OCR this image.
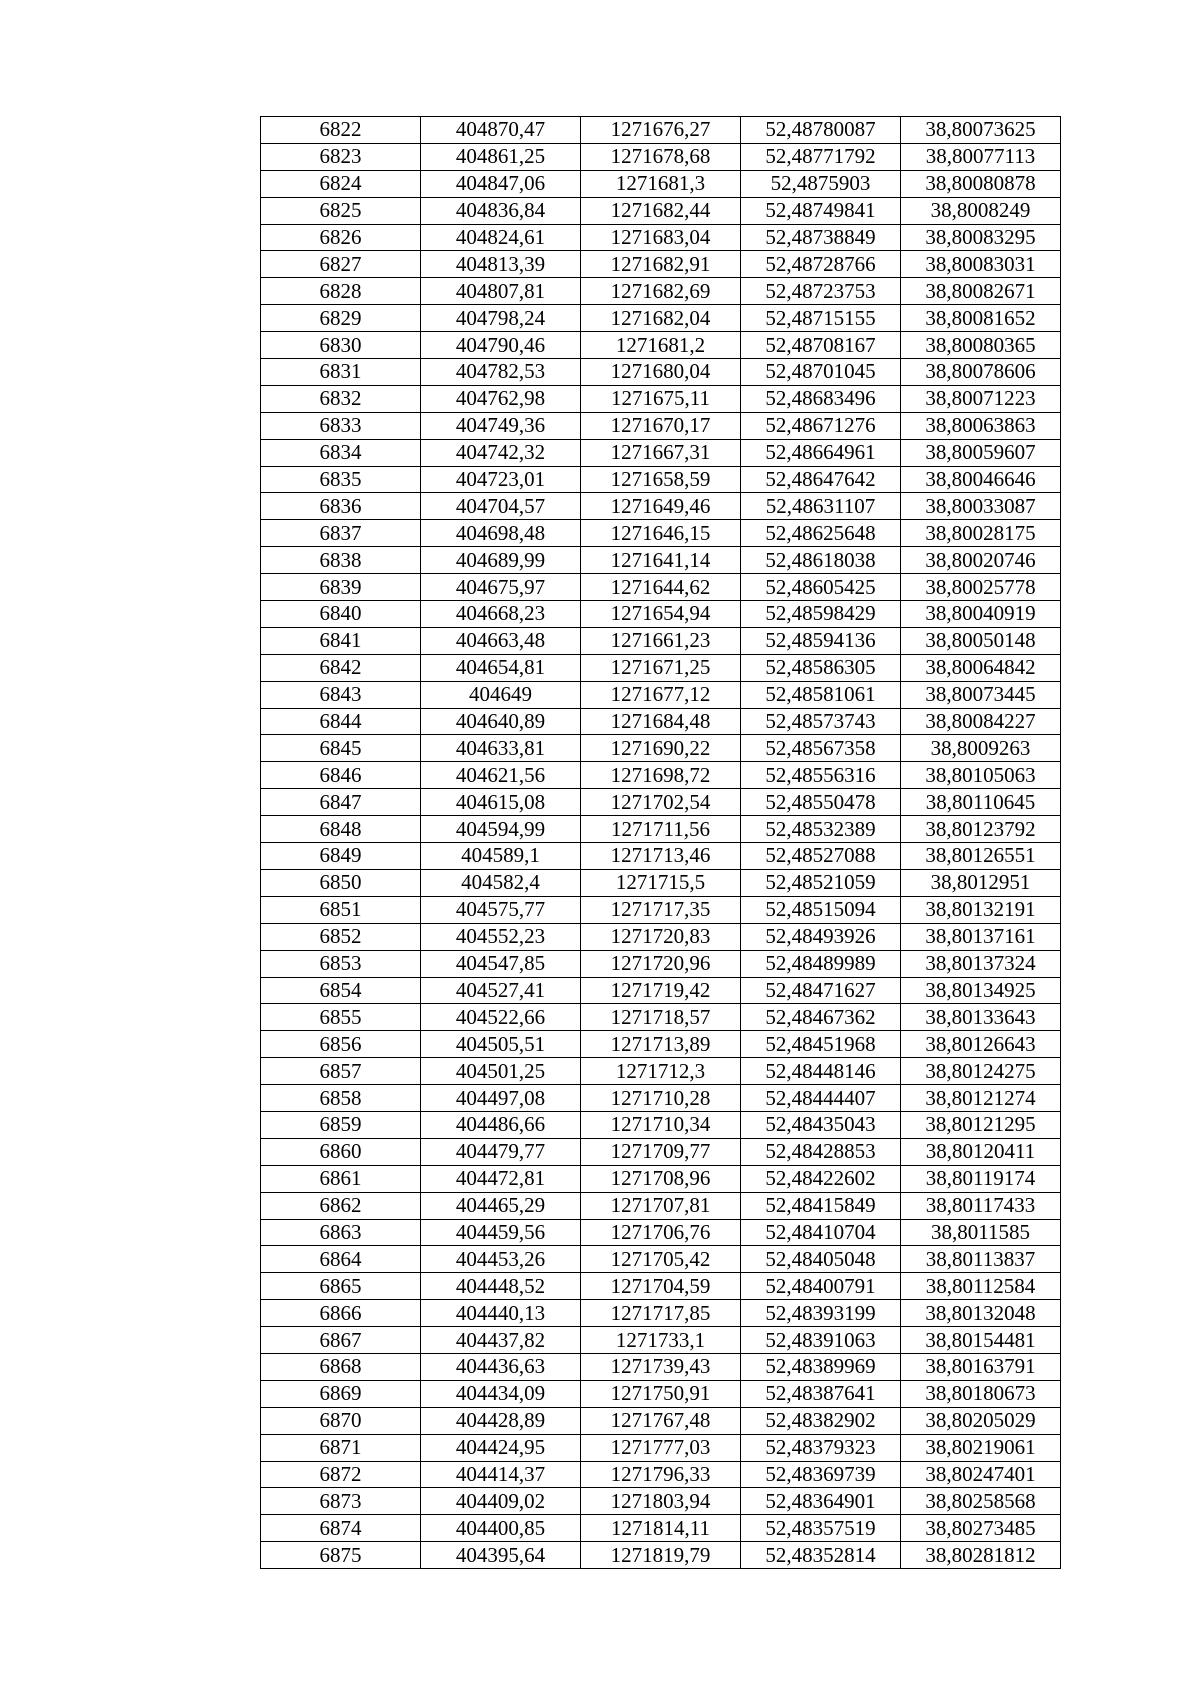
6822	404870,47	1271676,27	52,48780087	38,80073625
6823	404861,25	1271678,68	52,48771792	38,80077113
6824	404847,06	1271681,3	52,4875903	38,80080878
6825	404836,84	1271682,44	52,48749841	38,8008249
6826	404824,61	1271683,04	52,48738849	38,80083295
6827	404813,39	1271682,91	52,48728766	38,80083031
6828	404807,81	1271682,69	52,48723753	38,80082671
6829	404798,24	1271682,04	52,48715155	38,80081652
6830	404790,46	1271681,2	52,48708167	38,80080365
6831	404782,53	1271680,04	52,48701045	38,80078606
6832	404762,98	1271675,11	52,48683496	38,80071223
6833	404749,36	1271670,17	52,48671276	38,80063863
6834	404742,32	1271667,31	52,48664961	38,80059607
6835	404723,01	1271658,59	52,48647642	38,80046646
6836	404704,57	1271649,46	52,48631107	38,80033087
6837	404698,48	1271646,15	52,48625648	38,80028175
6838	404689,99	1271641,14	52,48618038	38,80020746
6839	404675,97	1271644,62	52,48605425	38,80025778
6840	404668,23	1271654,94	52,48598429	38,80040919
6841	404663,48	1271661,23	52,48594136	38,80050148
6842	404654,81	1271671,25	52,48586305	38,80064842
6843	404649	1271677,12	52,48581061	38,80073445
6844	404640,89	1271684,48	52,48573743	38,80084227
6845	404633,81	1271690,22	52,48567358	38,8009263
6846	404621,56	1271698,72	52,48556316	38,80105063
6847	404615,08	1271702,54	52,48550478	38,80110645
6848	404594,99	1271711,56	52,48532389	38,80123792
6849	404589,1	1271713,46	52,48527088	38,80126551
6850	404582,4	1271715,5	52,48521059	38,8012951
6851	404575,77	1271717,35	52,48515094	38,80132191
6852	404552,23	1271720,83	52,48493926	38,80137161
6853	404547,85	1271720,96	52,48489989	38,80137324
6854	404527,41	1271719,42	52,48471627	38,80134925
6855	404522,66	1271718,57	52,48467362	38,80133643
6856	404505,51	1271713,89	52,48451968	38,80126643
6857	404501,25	1271712,3	52,48448146	38,80124275
6858	404497,08	1271710,28	52,48444407	38,80121274
6859	404486,66	1271710,34	52,48435043	38,80121295
6860	404479,77	1271709,77	52,48428853	38,80120411
6861	404472,81	1271708,96	52,48422602	38,80119174
6862	404465,29	1271707,81	52,48415849	38,80117433
6863	404459,56	1271706,76	52,48410704	38,8011585
6864	404453,26	1271705,42	52,48405048	38,80113837
6865	404448,52	1271704,59	52,48400791	38,80112584
6866	404440,13	1271717,85	52,48393199	38,80132048
6867	404437,82	1271733,1	52,48391063	38,80154481
6868	404436,63	1271739,43	52,48389969	38,80163791
6869	404434,09	1271750,91	52,48387641	38,80180673
6870	404428,89	1271767,48	52,48382902	38,80205029
6871	404424,95	1271777,03	52,48379323	38,80219061
6872	404414,37	1271796,33	52,48369739	38,80247401
6873	404409,02	1271803,94	52,48364901	38,80258568
6874	404400,85	1271814,11	52,48357519	38,80273485
6875	404395,64	1271819,79	52,48352814	38,80281812
